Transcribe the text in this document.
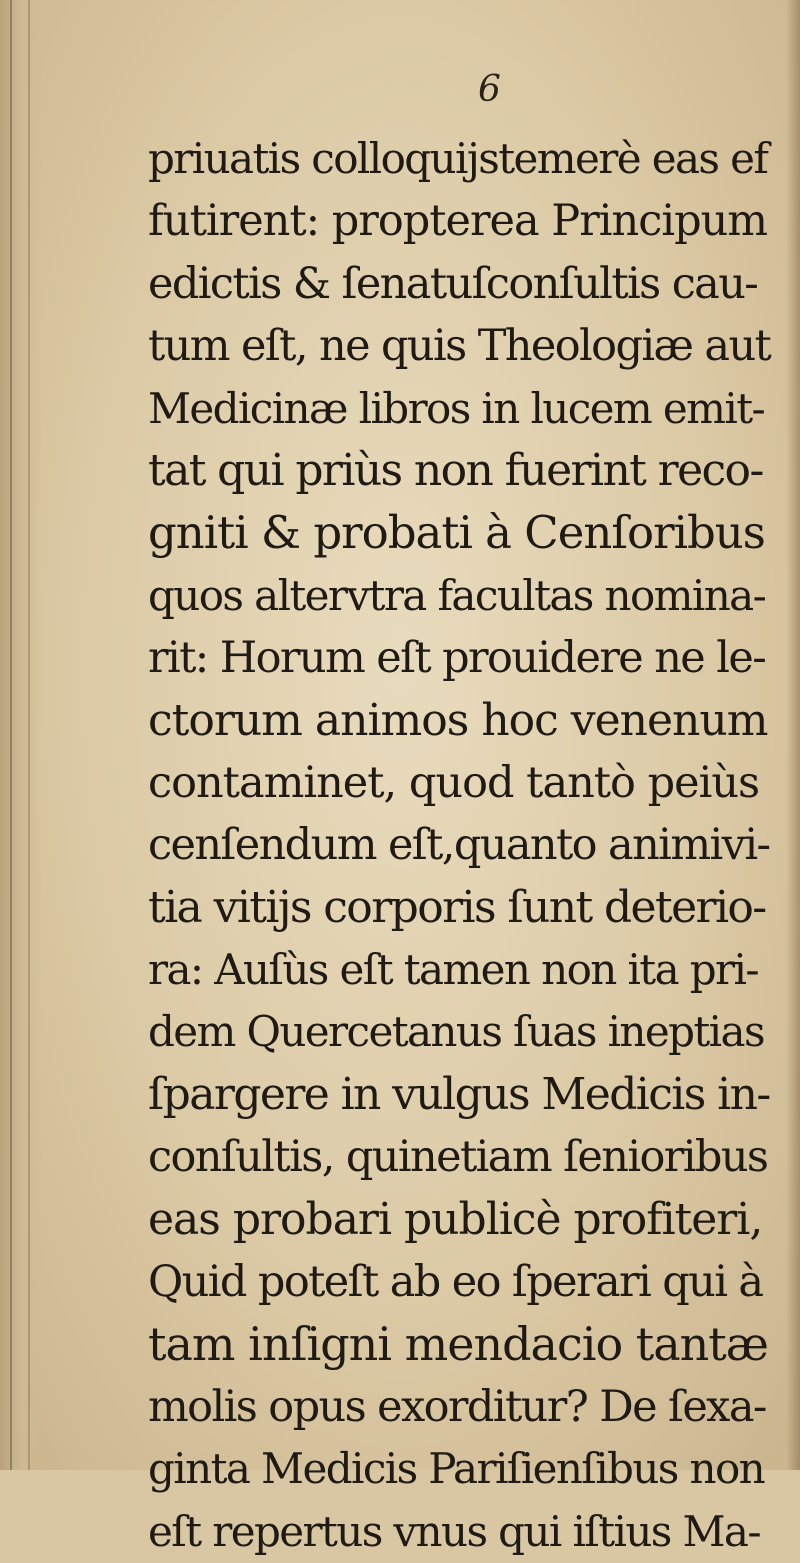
6
priuatis colloquijstemerè eas ef
futirent: propterea Principum
edictis & ſenatuſconſultis cau-
tum eſt, ne quis Theologiæ aut
Medicinæ libros in lucem emit-
tat qui priùs non fuerint reco-
gniti & probati à Cenſoribus
quos altervtra facultas nomina-
rit: Horum eſt prouidere ne le-
ctorum animos hoc venenum
contaminet, quod tantò peiùs
cenſendum eſt,quanto animivi-
tia vitijs corporis ſunt deterio-
ra: Auſùs eſt tamen non ita pri-
dem Quercetanus ſuas ineptias
ſpargere in vulgus Medicis in-
conſultis, quinetiam ſenioribus
eas probari publicè profiteri,
Quid poteſt ab eo ſperari qui à
tam inſigni mendacio tantæ
molis opus exorditur? De ſexa-
ginta Medicis Pariſienſibus non
eſt repertus vnus qui iſtius Ma-
